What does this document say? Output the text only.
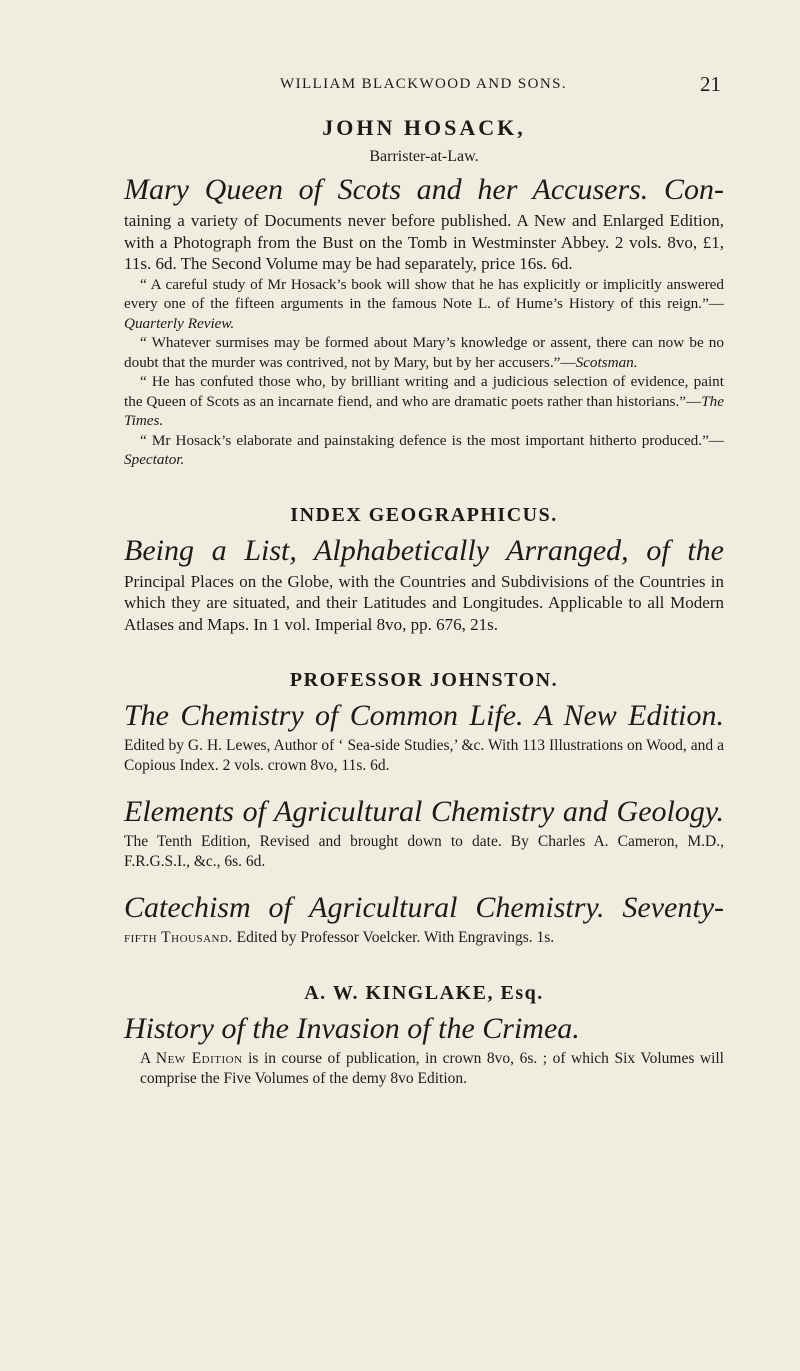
WILLIAM BLACKWOOD AND SONS.	21
JOHN HOSACK,
Barrister-at-Law.

Mary Queen of Scots and her Accusers. Con-

taining a variety of Documents never before published. A New and Enlarged Edition, with a Photograph from the Bust on the Tomb in Westminster Abbey. 2 vols. 8vo, £1, 11s. 6d. The Second Volume may be had separately, price 16s. 6d.

“ A careful study of Mr Hosack’s book will show that he has explicitly or implicitly answered every one of the fifteen arguments in the famous Note L. of Hume’s History of this reign.”—Quarterly Review.

“ Whatever surmises may be formed about Mary’s knowledge or assent, there can now be no doubt that the murder was contrived, not by Mary, but by her accusers.”—Scotsman.

“ He has confuted those who, by brilliant writing and a judicious selection of evidence, paint the Queen of Scots as an incarnate fiend, and who are dramatic poets rather than historians.”—The Times.

“ Mr Hosack’s elaborate and painstaking defence is the most important hitherto produced.”—Spectator.

INDEX GEOGRAPHICUS.

Being a List, Alphabetically Arranged, of the

Principal Places on the Globe, with the Countries and Subdivisions of the Countries in which they are situated, and their Latitudes and Longitudes. Applicable to all Modern Atlases and Maps. In 1 vol. Imperial 8vo, pp. 676, 21s.

PROFESSOR JOHNSTON.

The Chemistry of Common Life. A New Edition.

Edited by G. H. Lewes, Author of ‘ Sea-side Studies,’ &c. With 113 Illustrations on Wood, and a Copious Index. 2 vols. crown 8vo, 11s. 6d.

Elements of Agricultural Chemistry and Geology.

The Tenth Edition, Revised and brought down to date. By Charles A. Cameron, M.D., F.R.G.S.I., &c., 6s. 6d.

Catechism of Agricultural Chemistry. Seventy-

fifth Thousand. Edited by Professor Voelcker. With Engravings. 1s.

A. W. KINGLAKE, Esq.

History of the Invasion of the Crimea.

A New Edition is in course of publication, in crown 8vo, 6s. ; of which Six Volumes will comprise the Five Volumes of the demy 8vo Edition.
